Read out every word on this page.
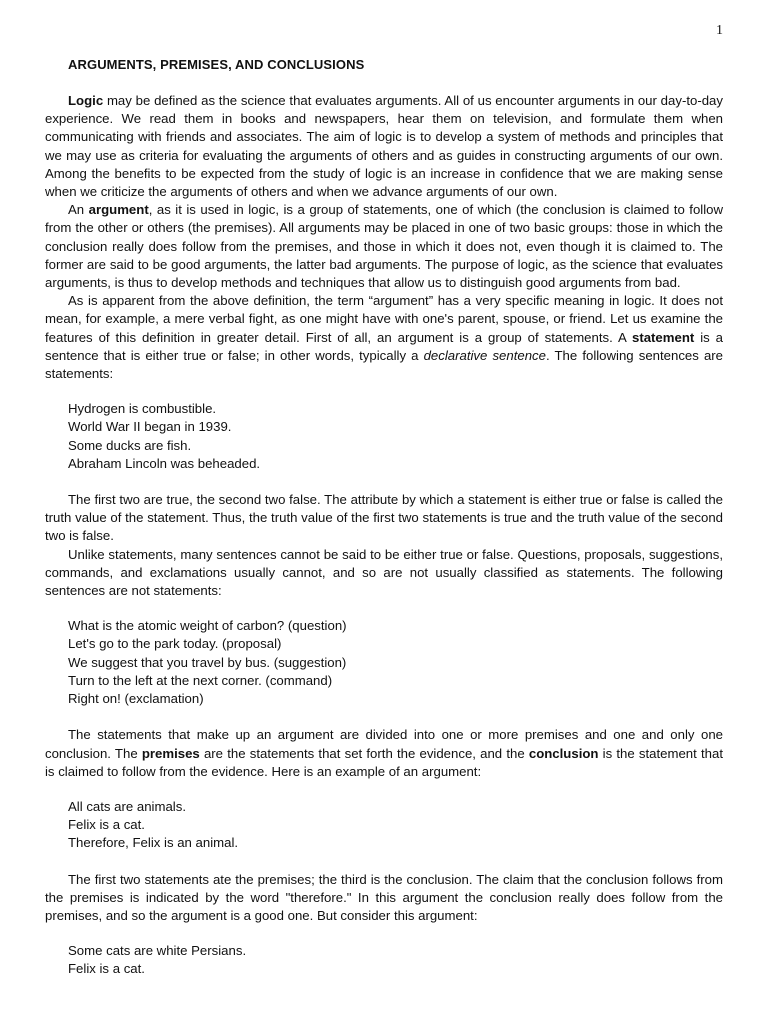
1
ARGUMENTS, PREMISES, AND CONCLUSIONS

Logic may be defined as the science that evaluates arguments. All of us encounter arguments in our day-to-day experience. We read them in books and newspapers, hear them on television, and formulate them when communicating with friends and associates. The aim of logic is to develop a system of methods and principles that we may use as criteria for evaluating the arguments of others and as guides in constructing arguments of our own. Among the benefits to be expected from the study of logic is an increase in confidence that we are making sense when we criticize the arguments of others and when we advance arguments of our own.

An argument, as it is used in logic, is a group of statements, one of which (the conclusion is claimed to follow from the other or others (the premises). All arguments may be placed in one of two basic groups: those in which the conclusion really does follow from the premises, and those in which it does not, even though it is claimed to. The former are said to be good arguments, the latter bad arguments. The purpose of logic, as the science that evaluates arguments, is thus to develop methods and techniques that allow us to distinguish good arguments from bad.

As is apparent from the above definition, the term “argument” has a very specific meaning in logic. It does not mean, for example, a mere verbal fight, as one might have with one's parent, spouse, or friend. Let us examine the features of this definition in greater detail. First of all, an argument is a group of statements. A statement is a sentence that is either true or false; in other words, typically a declarative sentence. The following sentences are statements:

Hydrogen is combustible.
World War II began in 1939.
Some ducks are fish.
Abraham Lincoln was beheaded.

The first two are true, the second two false. The attribute by which a statement is either true or false is called the truth value of the statement. Thus, the truth value of the first two statements is true and the truth value of the second two is false.

Unlike statements, many sentences cannot be said to be either true or false. Questions, proposals, suggestions, commands, and exclamations usually cannot, and so are not usually classified as statements. The following sentences are not statements:

What is the atomic weight of carbon? (question)
Let's go to the park today. (proposal)
We suggest that you travel by bus. (suggestion)
Turn to the left at the next corner. (command)
Right on! (exclamation)

The statements that make up an argument are divided into one or more premises and one and only one conclusion. The premises are the statements that set forth the evidence, and the conclusion is the statement that is claimed to follow from the evidence. Here is an example of an argument:

All cats are animals.
Felix is a cat.
Therefore, Felix is an animal.

The first two statements ate the premises; the third is the conclusion. The claim that the conclusion follows from the premises is indicated by the word "therefore." In this argument the conclusion really does follow from the premises, and so the argument is a good one. But consider this argument:

Some cats are white Persians.
Felix is a cat.
